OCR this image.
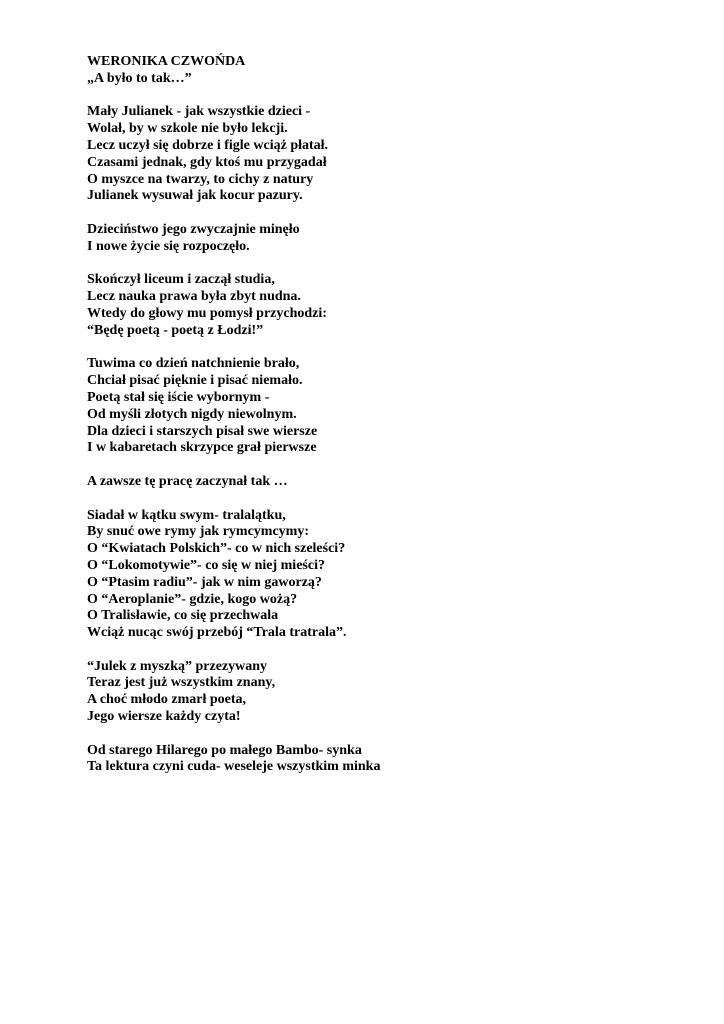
WERONIKA CZWOŃDA
„A było to tak…”
Mały Julianek - jak wszystkie dzieci -
Wolał, by w szkole nie było lekcji.
Lecz uczył się dobrze i figle wciąż płatał.
Czasami jednak, gdy ktoś mu przygadał
O myszce na twarzy, to cichy z natury
Julianek wysuwał jak kocur pazury.
Dzieciństwo jego zwyczajnie minęło
I nowe życie się rozpoczęło.
Skończył liceum i zaczął studia,
Lecz nauka prawa była zbyt nudna.
Wtedy do głowy mu pomysł przychodzi:
“Będę poetą - poetą z Łodzi!”
Tuwima co dzień natchnienie brało,
Chciał pisać pięknie i pisać niemało.
Poetą stał się iście wybornym -
Od myśli złotych nigdy niewolnym.
Dla dzieci i starszych pisał swe wiersze
I w kabaretach skrzypce grał pierwsze
A zawsze tę pracę zaczynał tak …
Siadał w kątku swym- tralalątku,
By snuć owe rymy jak rymcymcymy:
O “Kwiatach Polskich”- co w nich szeleści?
O “Lokomotywie”- co się w niej mieści?
O “Ptasim radiu”- jak w nim gaworzą?
O “Aeroplanie”- gdzie, kogo wożą?
O Tralisławie, co się przechwala
Wciąż nucąc swój przebój “Trala tratrala”.
“Julek z myszką” przezywany
Teraz jest już wszystkim znany,
A choć młodo zmarł poeta,
Jego wiersze każdy czyta!
Od starego Hilarego po małego Bambo- synka
Ta lektura czyni cuda- weseleje wszystkim minka
